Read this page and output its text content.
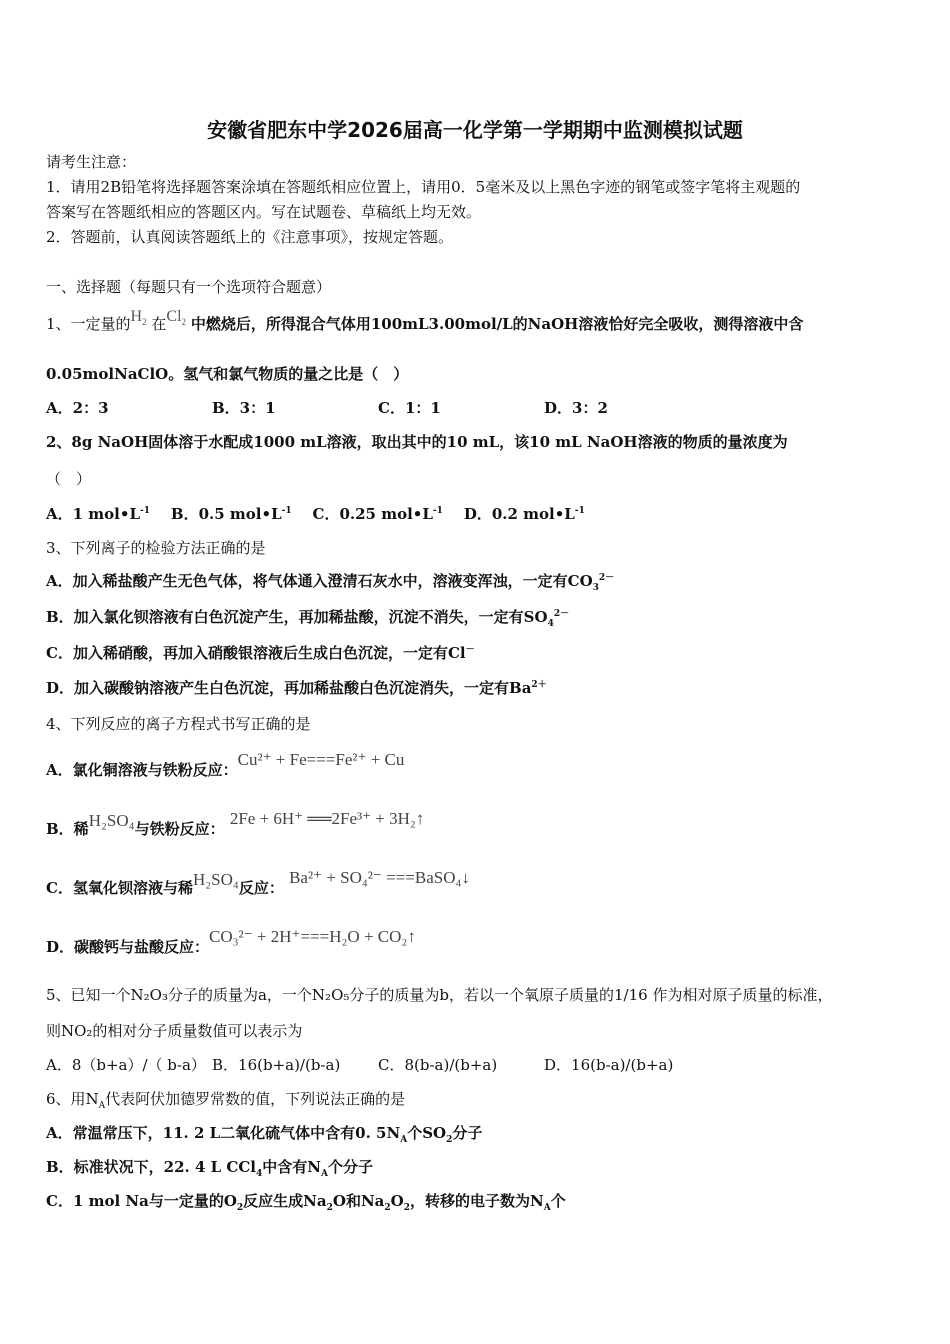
安徽省肥东中学2026届高一化学第一学期期中监测模拟试题
请考生注意：
1．请用2B铅笔将选择题答案涂填在答题纸相应位置上，请用0．5毫米及以上黑色字迹的钢笔或签字笔将主观题的
答案写在答题纸相应的答题区内。写在试题卷、草稿纸上均无效。
2．答题前，认真阅读答题纸上的《注意事项》，按规定答题。
一、选择题（每题只有一个选项符合题意）
1、一定量的$H_2$ 在$Cl_2$ 中燃烧后，所得混合气体用100mL3.00mol/L的NaOH溶液恰好完全吸收，测得溶液中含
0.05molNaClO。氢气和氯气物质的量之比是（　）
A．2：3	B．3：1	C．1：1	D．3：2
2、8g NaOH固体溶于水配成1000 mL溶液，取出其中的10 mL，该10 mL NaOH溶液的物质的量浓度为
（　）
A．1 $mol•L^{-1}$ B．0.5 $mol•L^{-1}$ C．0.25 $mol•L^{-1}$ D．0.2 $mol•L^{-1}$
3、下列离子的检验方法正确的是
A．加入稀盐酸产生无色气体，将气体通入澄清石灰水中，溶液变浑浊，一定有$CO_3^{2-}$
B．加入氯化钡溶液有白色沉淀产生，再加稀盐酸，沉淀不消失，一定有$SO_4^{2-}$
C．加入稀硝酸，再加入硝酸银溶液后生成白色沉淀，一定有Cl－
D．加入碳酸钠溶液产生白色沉淀，再加稀盐酸白色沉淀消失，一定有$Ba^{2+}$
4、下列反应的离子方程式书写正确的是
A．氯化铜溶液与铁粉反应：Cu²⁺ + Fe===Fe²⁺ + Cu
B．稀H₂SO₄与铁粉反应： 2Fe + 6H⁺ ══2Fe³⁺ + 3H₂↑
C．氢氧化钡溶液与稀H₂SO₄反应： Ba²⁺ + SO₄²⁻ ===BaSO₄↓
D．碳酸钙与盐酸反应：CO₃²⁻ + 2H⁺===H₂O + CO₂↑
5、已知一个N₂O₃分子的质量为a，一个N₂O₅分子的质量为b，若以一个氧原子质量的1/16 作为相对原子质量的标准，
则NO₂的相对分子质量数值可以表示为
A．8（b+a）/（ b-a） B．16(b+a)/(b-a)	C．8(b-a)/(b+a)	D．16(b-a)/(b+a)
6、用$N_A$代表阿伏加德罗常数的值，下列说法正确的是
A．常温常压下，11. 2 L二氧化硫气体中含有0. $5N_A$个$SO_2$分子
B．标准状况下，22. 4 L CCl$_4$中含有$N_A$个分子
C．1 mol Na与一定量的$O_2$反应生成$Na_2O$和$Na_2O_2$，转移的电子数为$N_A$个
